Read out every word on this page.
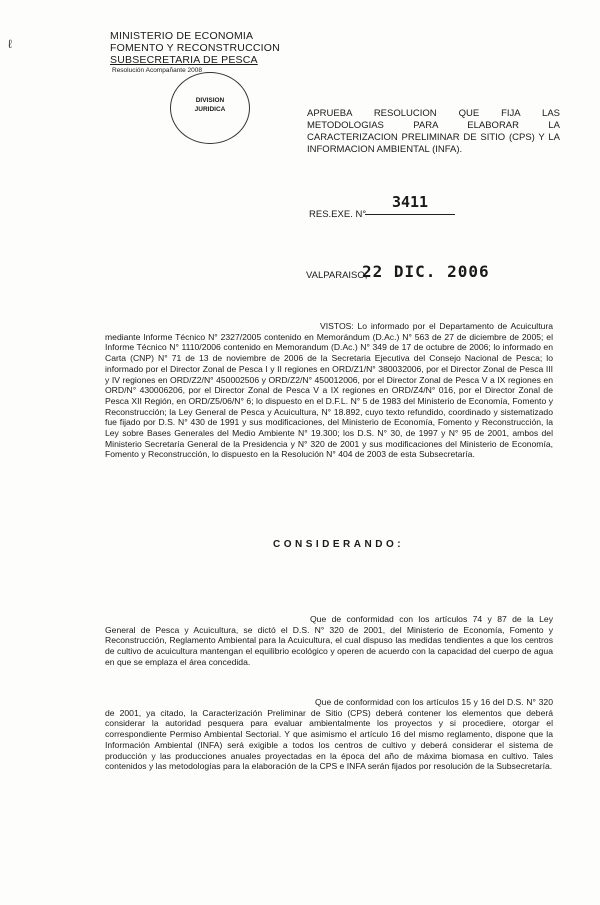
ℓ
MINISTERIO DE ECONOMIA
FOMENTO Y RECONSTRUCCION
SUBSECRETARIA DE PESCA
Resolución Acompañante 2008
DIVISION
JURIDICA	APRUEBA RESOLUCION QUE FIJA LAS METODOLOGIAS PARA ELABORAR LA CARACTERIZACION PRELIMINAR DE SITIO (CPS) Y LA INFORMACION AMBIENTAL (INFA).
RES.EXE. N°
3411
VALPARAISO,
22 DIC. 2006
VISTOS: Lo informado por el Departamento de Acuicultura mediante Informe Técnico N° 2327/2005 contenido en Memorándum (D.Ac.) N° 563 de 27 de diciembre de 2005; el Informe Técnico N° 1110/2006 contenido en Memorandum (D.Ac.) N° 349 de 17 de octubre de 2006; lo informado en Carta (CNP) N° 71 de 13 de noviembre de 2006 de la Secretaria Ejecutiva del Consejo Nacional de Pesca; lo informado por el Director Zonal de Pesca I y II regiones en ORD/Z1/N° 380032006, por el Director Zonal de Pesca III y IV regiones en ORD/Z2/N° 450002506 y ORD/Z2/N° 450012006, por el Director Zonal de Pesca V a IX regiones en ORD/N° 430006206, por el Director Zonal de Pesca V a IX regiones en ORD/Z4/N° 016, por el Director Zonal de Pesca XII Región, en ORD/Z5/06/N° 6; lo dispuesto en el D.F.L. N° 5 de 1983 del Ministerio de Economía, Fomento y Reconstrucción; la Ley General de Pesca y Acuicultura, N° 18.892, cuyo texto refundido, coordinado y sistematizado fue fijado por D.S. N° 430 de 1991 y sus modificaciones, del Ministerio de Economía, Fomento y Reconstrucción, la Ley sobre Bases Generales del Medio Ambiente N° 19.300; los D.S. N° 30, de 1997 y N° 95 de 2001, ambos del Ministerio Secretaría General de la Presidencia y N° 320 de 2001 y sus modificaciones del Ministerio de Economía, Fomento y Reconstrucción, lo dispuesto en la Resolución N° 404 de 2003 de esta Subsecretaría.
CONSIDERANDO:
Que de conformidad con los artículos 74 y 87 de la Ley General de Pesca y Acuicultura, se dictó el D.S. N° 320 de 2001, del Ministerio de Economía, Fomento y Reconstrucción, Reglamento Ambiental para la Acuicultura, el cual dispuso las medidas tendientes a que los centros de cultivo de acuicultura mantengan el equilibrio ecológico y operen de acuerdo con la capacidad del cuerpo de agua en que se emplaza el área concedida.
Que de conformidad con los artículos 15 y 16 del D.S. N° 320 de 2001, ya citado, la Caracterización Preliminar de Sitio (CPS) deberá contener los elementos que deberá considerar la autoridad pesquera para evaluar ambientalmente los proyectos y si procediere, otorgar el correspondiente Permiso Ambiental Sectorial. Y que asimismo el artículo 16 del mismo reglamento, dispone que la Información Ambiental (INFA) será exigible a todos los centros de cultivo y deberá considerar el sistema de producción y las producciones anuales proyectadas en la época del año de máxima biomasa en cultivo. Tales contenidos y las metodologías para la elaboración de la CPS e INFA serán fijados por resolución de la Subsecretaría.
